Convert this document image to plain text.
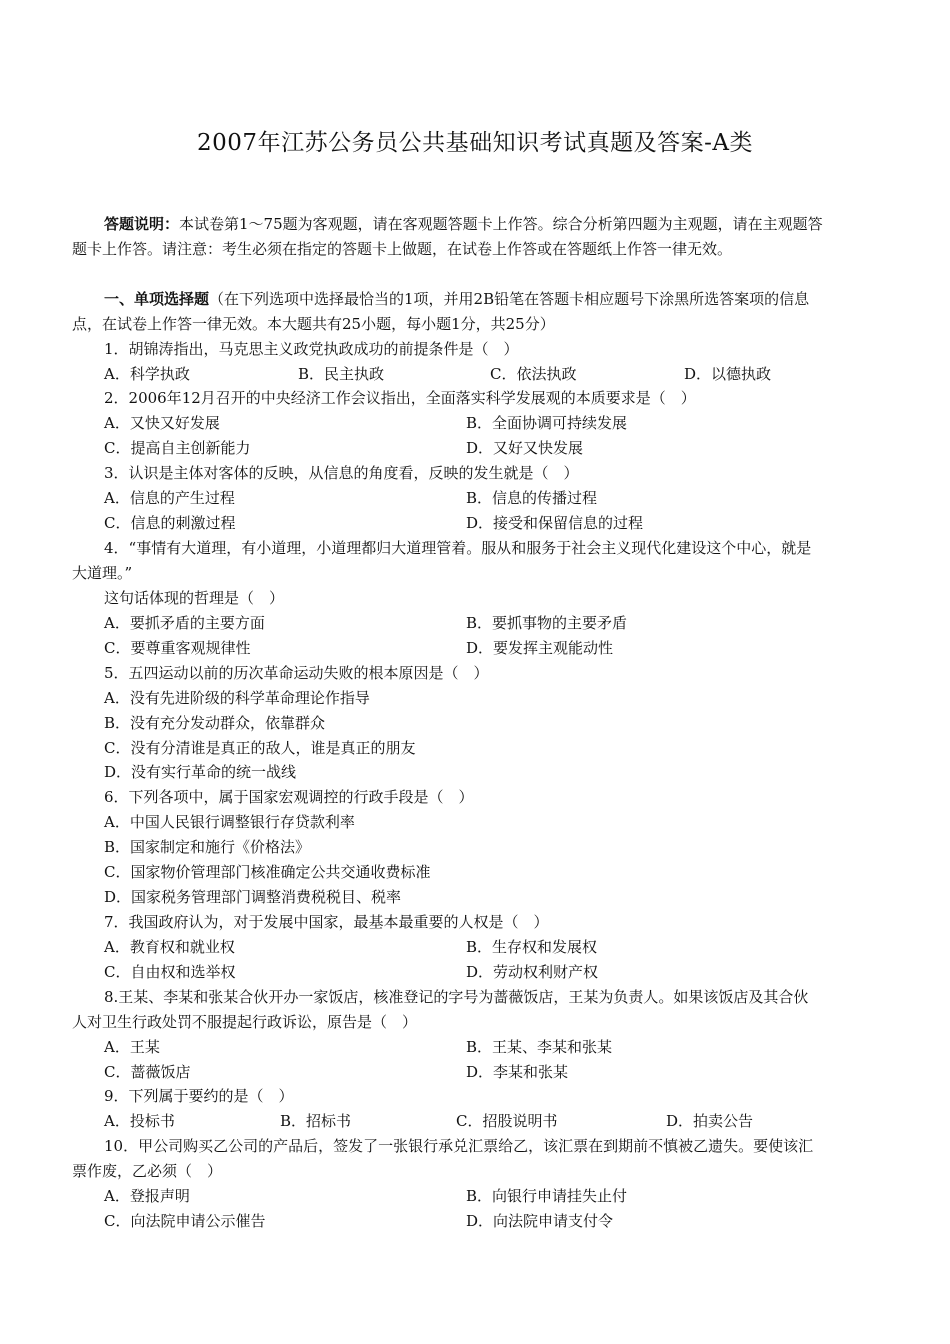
2007年江苏公务员公共基础知识考试真题及答案-A类
答题说明：本试卷第1～75题为客观题，请在客观题答题卡上作答。综合分析第四题为主观题，请在主观题答
题卡上作答。请注意：考生必须在指定的答题卡上做题，在试卷上作答或在答题纸上作答一律无效。
一、单项选择题（在下列选项中选择最恰当的1项，并用2B铅笔在答题卡相应题号下涂黑所选答案项的信息
点，在试卷上作答一律无效。本大题共有25小题，每小题1分，共25分）
1．胡锦涛指出，马克思主义政党执政成功的前提条件是（　）
A．科学执政	B．民主执政	C．依法执政	D．以德执政
2．2006年12月召开的中央经济工作会议指出，全面落实科学发展观的本质要求是（　）
A．又快又好发展	B．全面协调可持续发展
C．提高自主创新能力	D．又好又快发展
3．认识是主体对客体的反映，从信息的角度看，反映的发生就是（　）
A．信息的产生过程	B．信息的传播过程
C．信息的刺激过程	D．接受和保留信息的过程
4．“事情有大道理，有小道理，小道理都归大道理管着。服从和服务于社会主义现代化建设这个中心，就是
大道理。”
这句话体现的哲理是（　）
A．要抓矛盾的主要方面	B．要抓事物的主要矛盾
C．要尊重客观规律性	D．要发挥主观能动性
5．五四运动以前的历次革命运动失败的根本原因是（　）
A．没有先进阶级的科学革命理论作指导
B．没有充分发动群众，依靠群众
C．没有分清谁是真正的敌人，谁是真正的朋友
D．没有实行革命的统一战线
6．下列各项中，属于国家宏观调控的行政手段是（　）
A．中国人民银行调整银行存贷款利率
B．国家制定和施行《价格法》
C．国家物价管理部门核准确定公共交通收费标准
D．国家税务管理部门调整消费税税目、税率
7．我国政府认为，对于发展中国家，最基本最重要的人权是（　）
A．教育权和就业权	B．生存权和发展权
C．自由权和选举权	D．劳动权利财产权
8.王某、李某和张某合伙开办一家饭店，核准登记的字号为蔷薇饭店，王某为负责人。如果该饭店及其合伙
人对卫生行政处罚不服提起行政诉讼，原告是（　）
A．王某	B．王某、李某和张某
C．蔷薇饭店	D．李某和张某
9．下列属于要约的是（　）
A．投标书	B．招标书	C．招股说明书	D．拍卖公告
10．甲公司购买乙公司的产品后，签发了一张银行承兑汇票给乙，该汇票在到期前不慎被乙遗失。要使该汇
票作废，乙必须（　）
A．登报声明	B．向银行申请挂失止付
C．向法院申请公示催告	D．向法院申请支付令
